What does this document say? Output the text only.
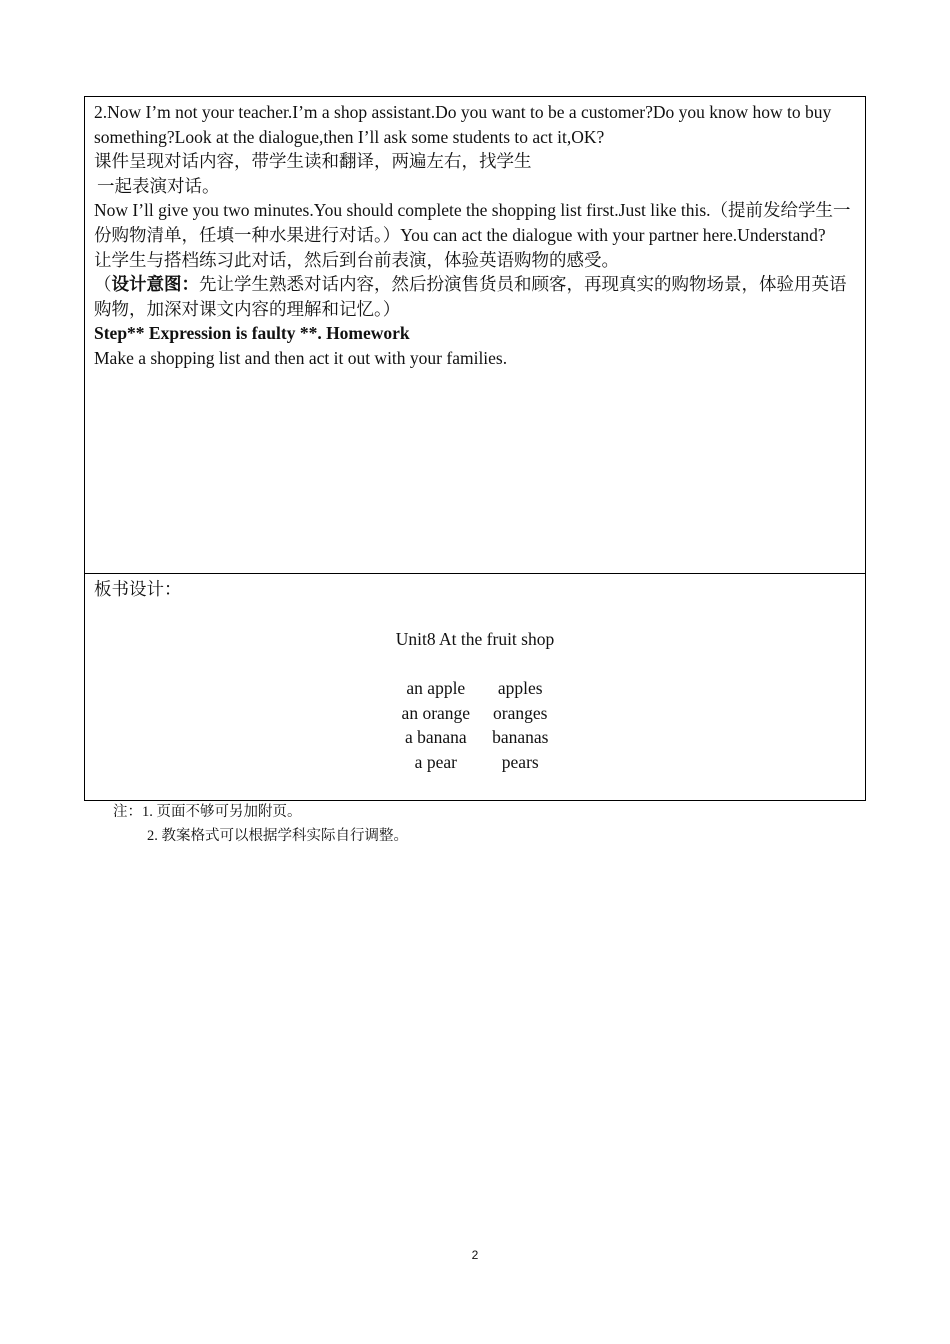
2.Now I’m not your teacher.I’m a shop assistant.Do you want to be a customer?Do you know how to buy something?Look at the dialogue,then I’ll ask some students to act it,OK?

课件呈现对话内容，带学生读和翻译，两遍左右，找学生

一起表演对话。

Now I’ll give you two minutes.You should complete the shopping list first.Just like this.（提前发给学生一份购物清单，任填一种水果进行对话。）You can act the dialogue with your partner here.Understand?

让学生与搭档练习此对话，然后到台前表演，体验英语购物的感受。

（设计意图：先让学生熟悉对话内容，然后扮演售货员和顾客，再现真实的购物场景，体验用英语购物，加深对课文内容的理解和记忆。）

Step** Expression is faulty **. Homework

Make a shopping list and then act it out with your families.

板书设计：

Unit8 At the fruit shop
an apple	apples
an orange	oranges
a banana	bananas
a pear	pears
注：1. 页面不够可另加附页。
2. 教案格式可以根据学科实际自行调整。
2
